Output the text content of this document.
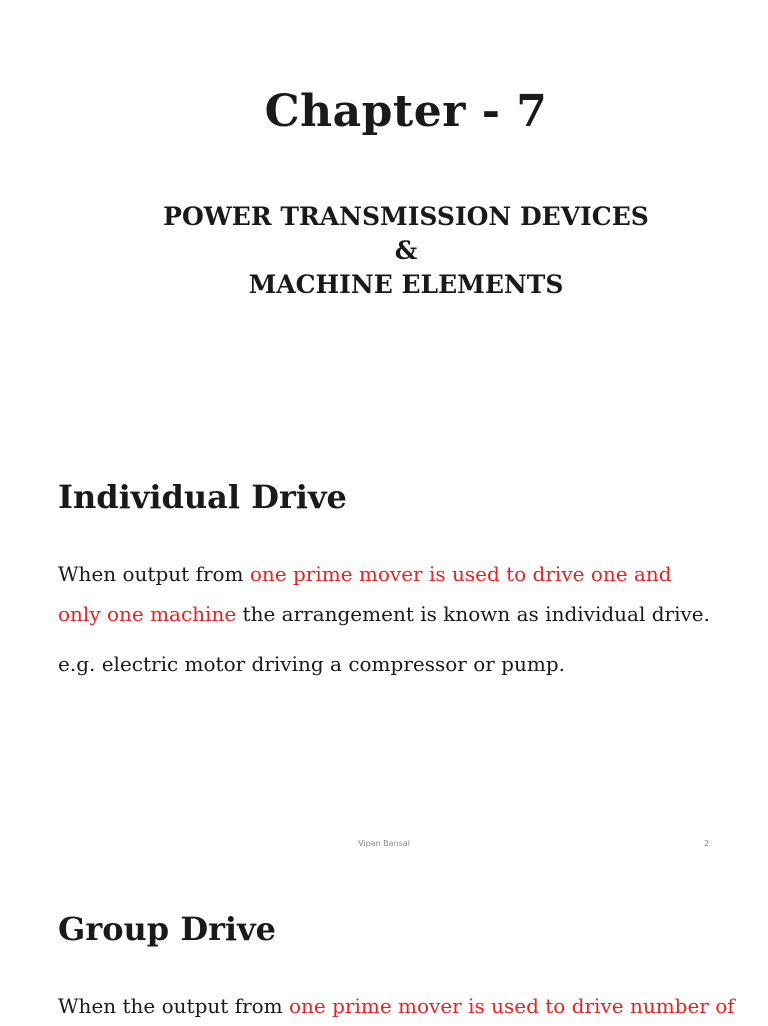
Chapter - 7
POWER TRANSMISSION DEVICES
&
MACHINE ELEMENTS
Individual Drive
When output from one prime mover is used to drive one and only one machine the arrangement is known as individual drive.
e.g. electric motor driving a compressor or pump.
Vipan Bansal	2
Group Drive
When the output from one prime mover is used to drive number of
